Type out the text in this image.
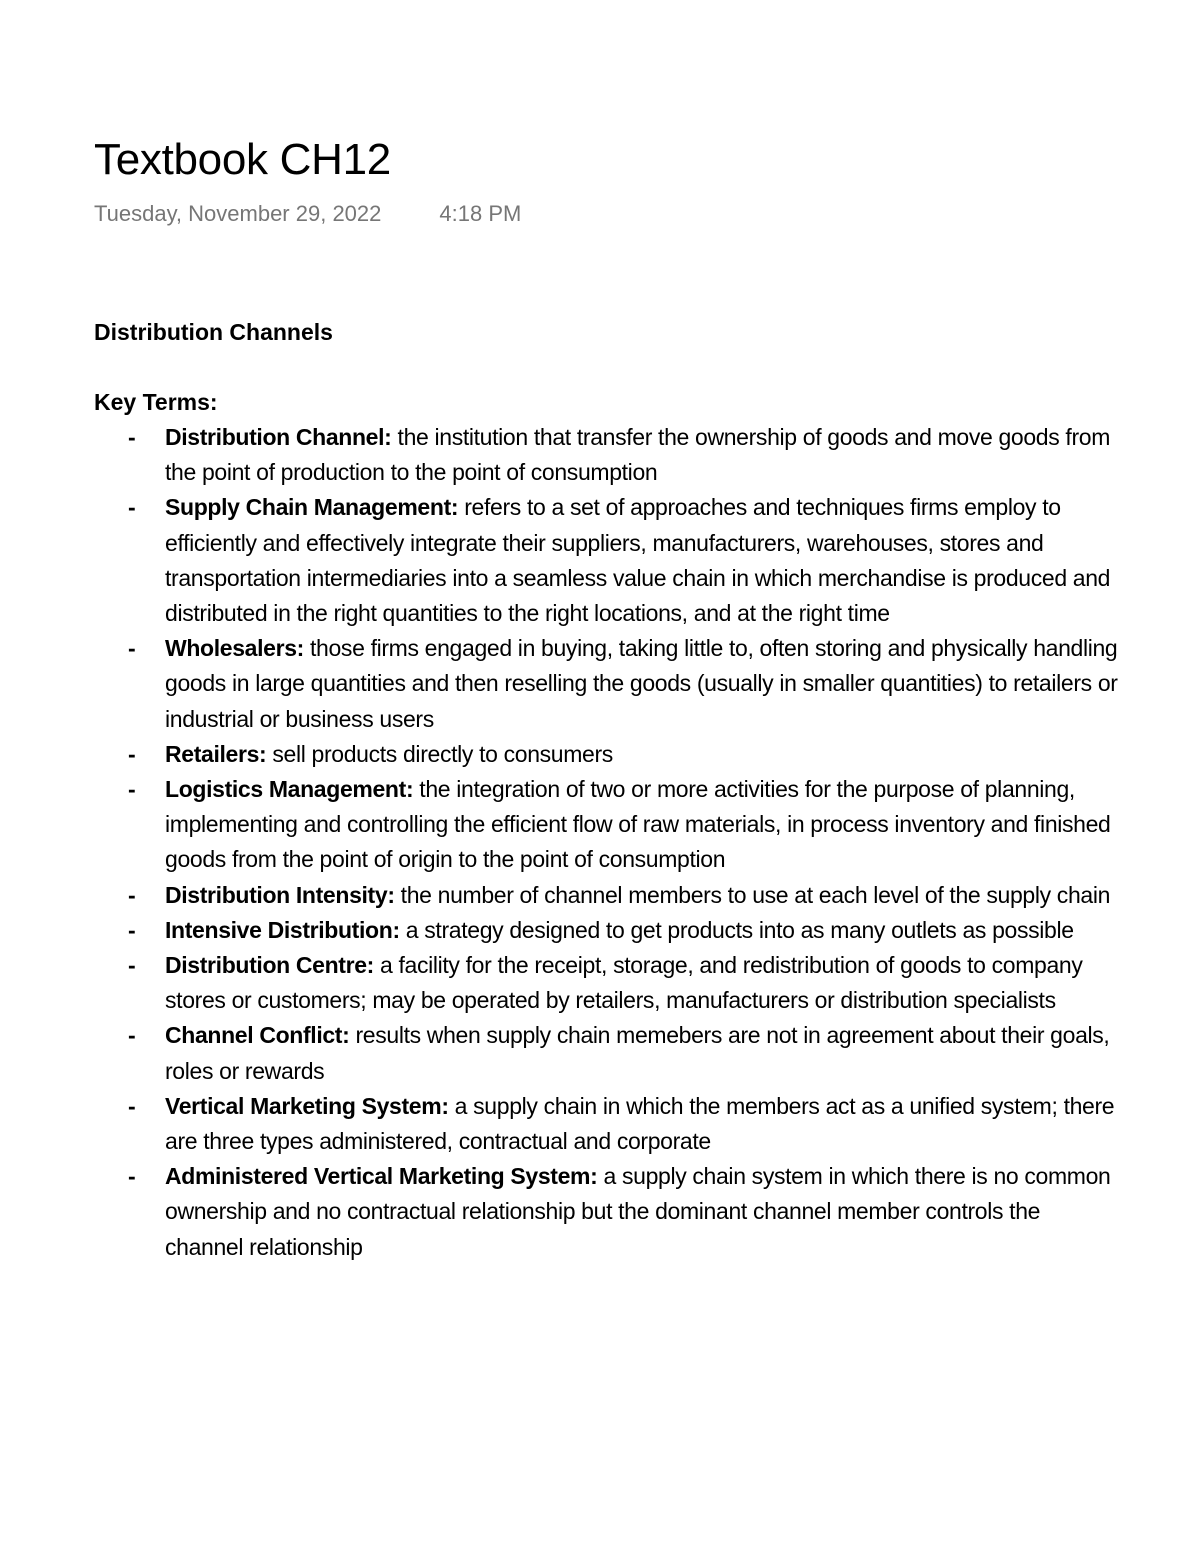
Textbook CH12
Tuesday, November 29, 2022	4:18 PM
Distribution Channels
Key Terms:
- Distribution Channel: the institution that transfer the ownership of goods and move goods from the point of production to the point of consumption
- Supply Chain Management: refers to a set of approaches and techniques firms employ to efficiently and effectively integrate their suppliers, manufacturers, warehouses, stores and transportation intermediaries into a seamless value chain in which merchandise is produced and distributed in the right quantities to the right locations, and at the right time
- Wholesalers: those firms engaged in buying, taking little to, often storing and physically handling goods in large quantities and then reselling the goods (usually in smaller quantities) to retailers or industrial or business users
- Retailers: sell products directly to consumers
- Logistics Management: the integration of two or more activities for the purpose of planning, implementing and controlling the efficient flow of raw materials, in process inventory and finished goods from the point of origin to the point of consumption
- Distribution Intensity: the number of channel members to use at each level of the supply chain
- Intensive Distribution: a strategy designed to get products into as many outlets as possible
- Distribution Centre: a facility for the receipt, storage, and redistribution of goods to company stores or customers; may be operated by retailers, manufacturers or distribution specialists
- Channel Conflict: results when supply chain memebers are not in agreement about their goals, roles or rewards
- Vertical Marketing System: a supply chain in which the members act as a unified system; there are three types administered, contractual and corporate
- Administered Vertical Marketing System: a supply chain system in which there is no common ownership and no contractual relationship but the dominant channel member controls the channel relationship
